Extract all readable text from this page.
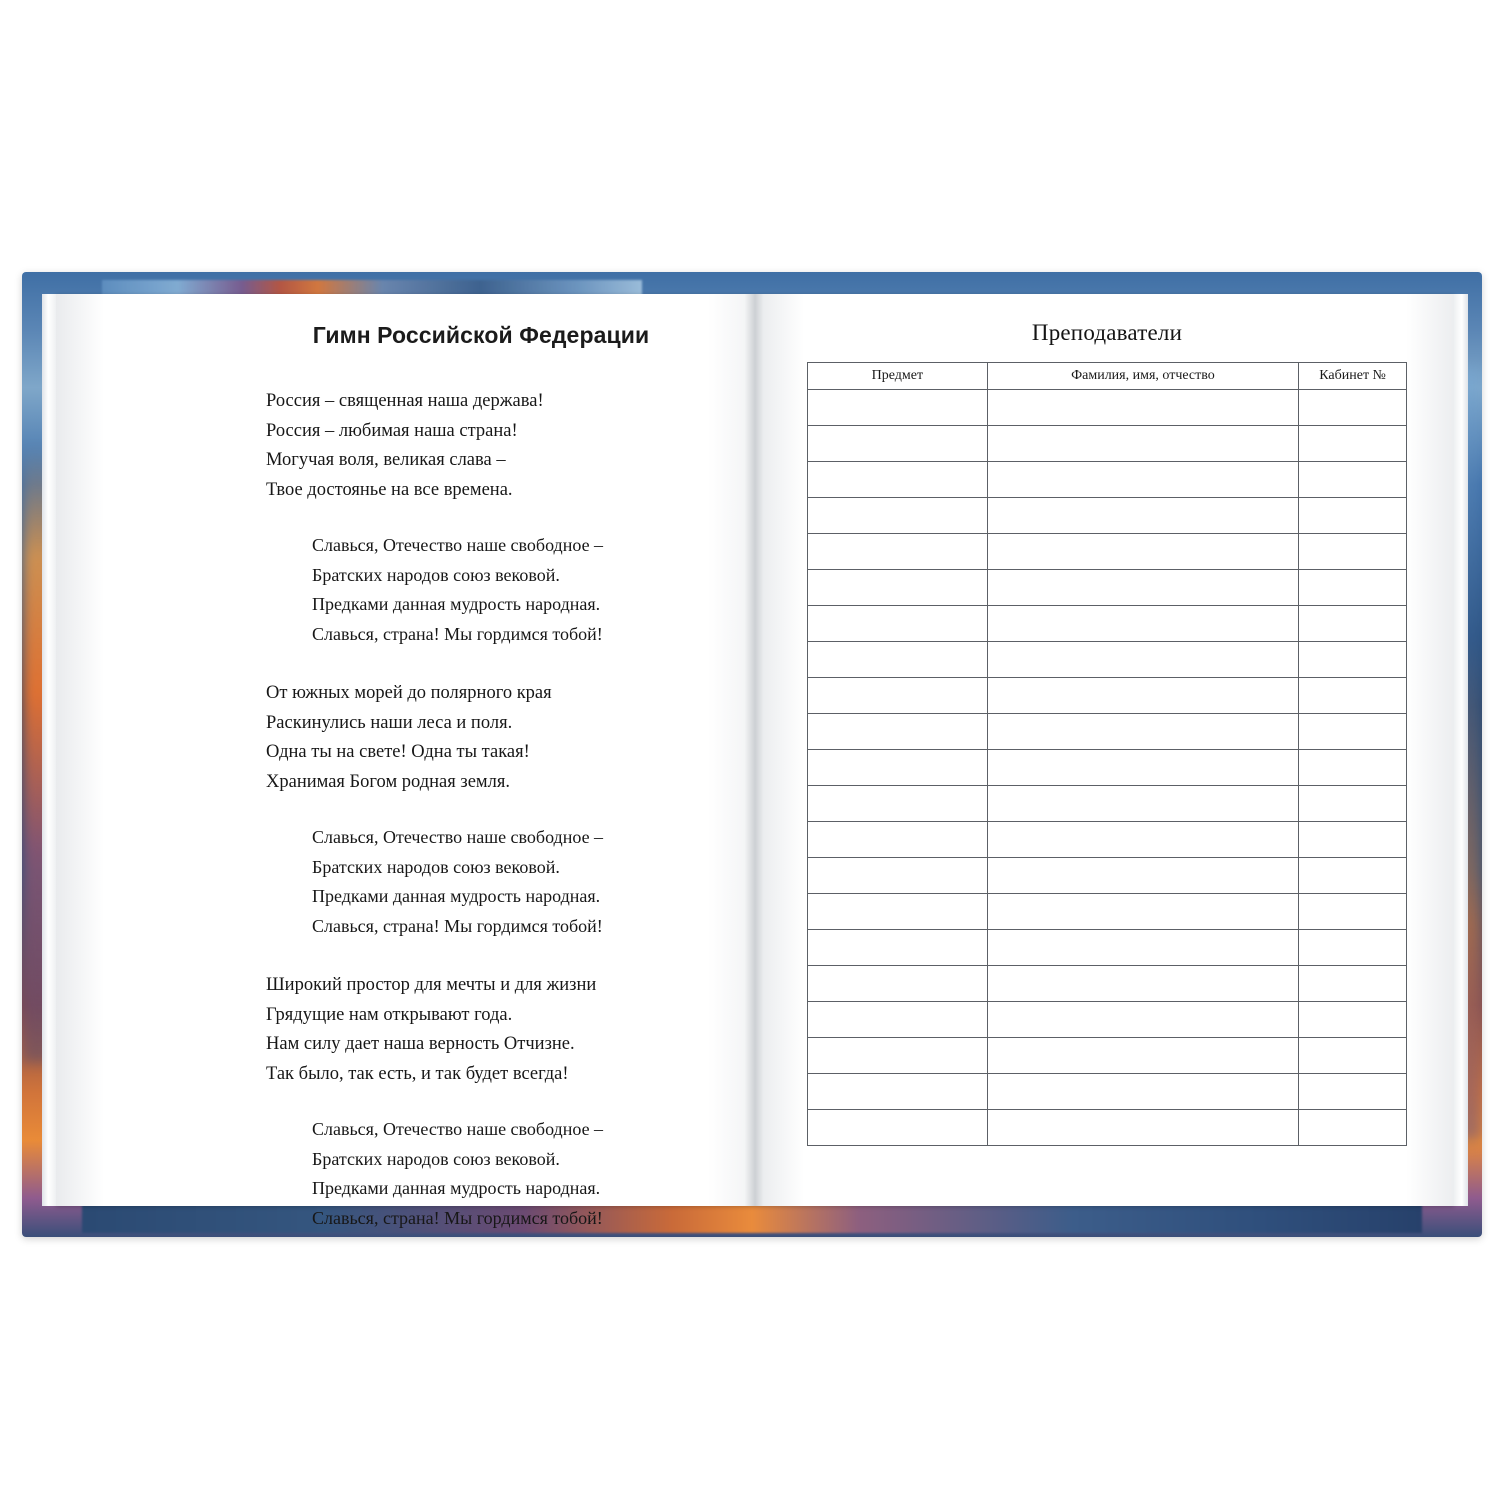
Гимн Российской Федерации
Россия – священная наша держава!
Россия – любимая наша страна!
Могучая воля, великая слава –
Твое достоянье на все времена.
Славься, Отечество наше свободное –
Братских народов союз вековой.
Предками данная мудрость народная.
Славься, страна! Мы гордимся тобой!
От южных морей до полярного края
Раскинулись наши леса и поля.
Одна ты на свете! Одна ты такая!
Хранимая Богом родная земля.
Славься, Отечество наше свободное –
Братских народов союз вековой.
Предками данная мудрость народная.
Славься, страна! Мы гордимся тобой!
Широкий простор для мечты и для жизни
Грядущие нам открывают года.
Нам силу дает наша верность Отчизне.
Так было, так есть, и так будет всегда!
Славься, Отечество наше свободное –
Братских народов союз вековой.
Предками данная мудрость народная.
Славься, страна! Мы гордимся тобой!
Преподаватели
Предмет	Фамилия, имя, отчество	Кабинет №
